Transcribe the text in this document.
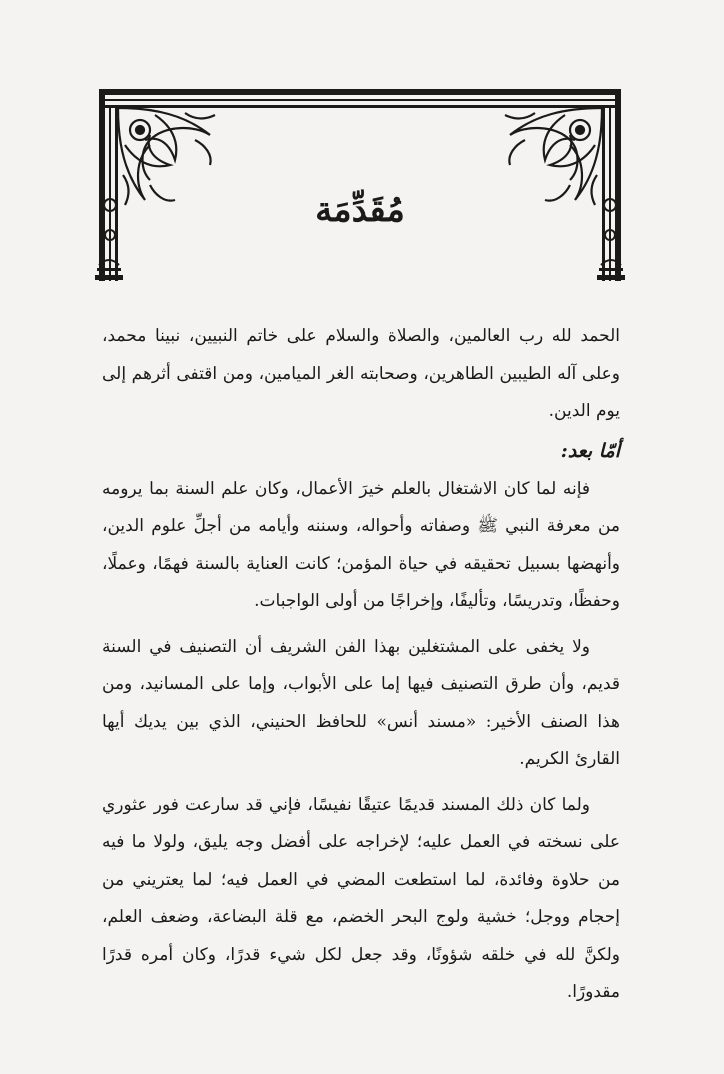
مُقَدِّمَة

الحمد لله رب العالمين، والصلاة والسلام على خاتم النبيين، نبينا محمد، وعلى آله الطيبين الطاهرين، وصحابته الغر الميامين، ومن اقتفى أثرهم إلى يوم الدين.

أمّا بعد:

فإنه لما كان الاشتغال بالعلم خيرَ الأعمال، وكان علم السنة بما يرومه من معرفة النبي ﷺ وصفاته وأحواله، وسننه وأيامه من أجلِّ علوم الدين، وأنهضها بسبيل تحقيقه في حياة المؤمن؛ كانت العناية بالسنة فهمًا، وعملًا، وحفظًا، وتدريسًا، وتأليفًا، وإخراجًا من أولى الواجبات.

ولا يخفى على المشتغلين بهذا الفن الشريف أن التصنيف في السنة قديم، وأن طرق التصنيف فيها إما على الأبواب، وإما على المسانيد، ومن هذا الصنف الأخير: «مسند أنس» للحافظ الحنيني، الذي بين يديك أيها القارئ الكريم.

ولما كان ذلك المسند قديمًا عتيقًا نفيسًا، فإني قد سارعت فور عثوري على نسخته في العمل عليه؛ لإخراجه على أفضل وجه يليق، ولولا ما فيه من حلاوة وفائدة، لما استطعت المضي في العمل فيه؛ لما يعتريني من إحجام ووجل؛ خشية ولوج البحر الخضم، مع قلة البضاعة، وضعف العلم، ولكنَّ لله في خلقه شؤونًا، وقد جعل لكل شيء قدرًا، وكان أمره قدرًا مقدورًا.
